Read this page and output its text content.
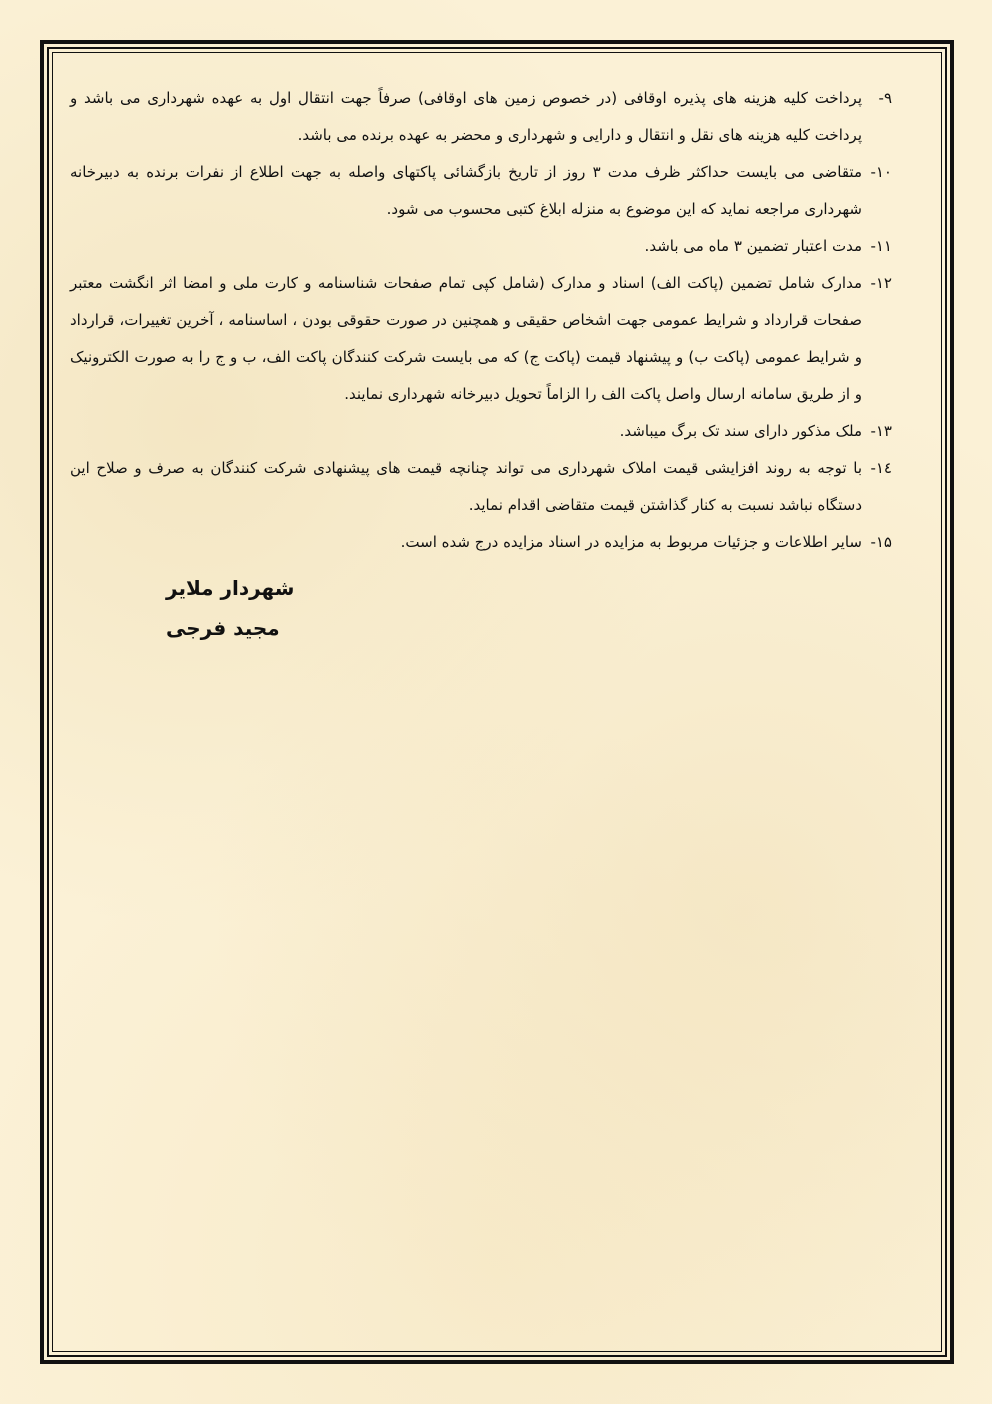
۹-
پرداخت کلیه هزینه های پذیره اوقافی (در خصوص زمین های اوقافی) صرفاً جهت انتقال اول به عهده شهرداری می باشد و پرداخت کلیه هزینه های نقل و انتقال و دارایی و شهرداری و محضر به عهده برنده می باشد.
۱۰-
متقاضی می بایست حداکثر ظرف مدت ۳ روز از تاریخ بازگشائی پاکتهای واصله به جهت اطلاع از نفرات برنده به دبیرخانه شهرداری مراجعه نماید که این موضوع به منزله ابلاغ کتبی محسوب می شود.
۱۱-
مدت اعتبار تضمین ۳ ماه می باشد.
۱۲-
مدارک شامل تضمین (پاکت الف) اسناد و مدارک (شامل کپی تمام صفحات شناسنامه و کارت ملی و امضا اثر انگشت معتبر صفحات قرارداد و شرایط عمومی جهت اشخاص حقیقی و همچنین در صورت حقوقی بودن ، اساسنامه ، آخرین تغییرات، قرارداد و شرایط عمومی (پاکت ب) و پیشنهاد قیمت (پاکت ج) که می بایست شرکت کنندگان پاکت الف، ب و ج را به صورت الکترونیک و از طریق سامانه ارسال واصل پاکت الف را الزاماً تحویل دبیرخانه شهرداری نمایند.
۱۳-
ملک مذکور دارای سند تک برگ میباشد.
۱٤-
با توجه به روند افزایشی قیمت املاک شهرداری می تواند چنانچه قیمت های پیشنهادی شرکت کنندگان به صرف و صلاح این دستگاه نباشد نسبت به کنار گذاشتن قیمت متقاضی اقدام نماید.
۱۵-
سایر اطلاعات و جزئیات مربوط به مزایده در اسناد مزایده درج شده است.
شهردار ملایر
مجید فرجی
